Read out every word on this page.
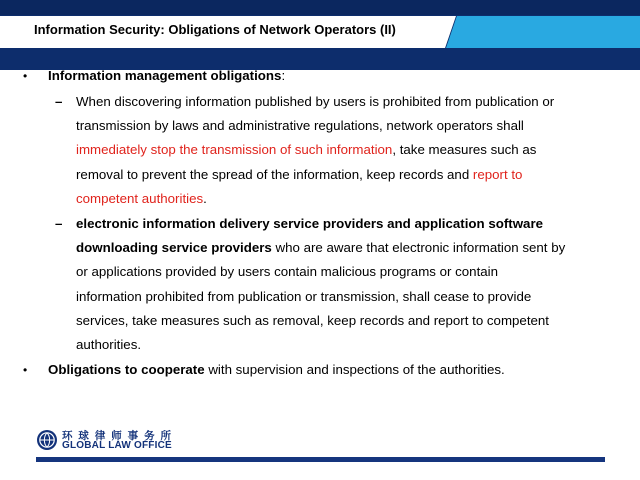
Information Security: Obligations of Network Operators (II)
• Information management obligations:
– When discovering information published by users is prohibited from publication or
transmission by laws and administrative regulations, network operators shall
immediately stop the transmission of such information, take measures such as
removal to prevent the spread of the information, keep records and report to
competent authorities.
– electronic information delivery service providers and application software
downloading service providers who are aware that electronic information sent by
or applications provided by users contain malicious programs or contain
information prohibited from publication or transmission, shall cease to provide
services, take measures such as removal, keep records and report to competent
authorities.
• Obligations to cooperate with supervision and inspections of the authorities.
环 球 律 师 事 务 所
GLOBAL LAW OFFICE
